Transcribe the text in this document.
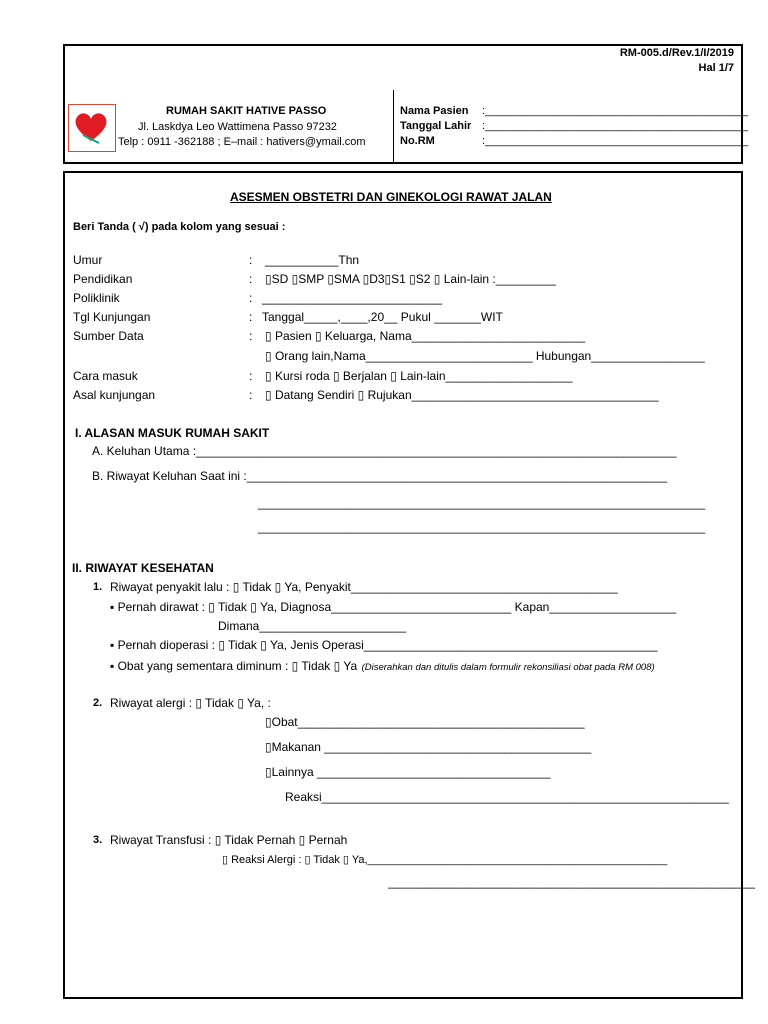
RM-005.d/Rev.1/I/2019
Hal 1/7
RUMAH SAKIT HATIVE PASSO
Jl. Laskdya Leo Wattimena Passo 97232
Telp : 0911 -362188 ; E–mail : hativers@ymail.com
Nama Pasien :___________________________________________
Tanggal Lahir :___________________________________________
No.RM	:___________________________________________
ASESMEN OBSTETRI DAN GINEKOLOGI RAWAT JALAN
Beri Tanda ( √) pada kolom yang sesuai :
Umur	: ___________Thn
Pendidikan	: ▯SD ▯SMP ▯SMA ▯D3▯S1 ▯S2 ▯ Lain-lain :_________
Poliklinik	: ___________________________
Tgl Kunjungan	: Tanggal_____,____,20__ Pukul _______WIT
Sumber Data	: ▯ Pasien ▯ Keluarga, Nama__________________________
▯ Orang lain,Nama_________________________ Hubungan_________________
Cara masuk	: ▯ Kursi roda ▯ Berjalan ▯ Lain-lain___________________
Asal kunjungan	: ▯ Datang Sendiri ▯ Rujukan_____________________________________
I. ALASAN MASUK RUMAH SAKIT
A. Keluhan Utama :________________________________________________________________________
B. Riwayat Keluhan Saat ini :_______________________________________________________________
___________________________________________________________________
___________________________________________________________________
II. RIWAYAT KESEHATAN
1. Riwayat penyakit lalu : ▯ Tidak ▯ Ya, Penyakit________________________________________
▪ Pernah dirawat : ▯ Tidak ▯ Ya, Diagnosa___________________________ Kapan___________________
Dimana______________________
▪ Pernah dioperasi : ▯ Tidak ▯ Ya, Jenis Operasi____________________________________________
▪ Obat yang sementara diminum : ▯ Tidak ▯ Ya (Diserahkan dan ditulis dalam formulir rekonsiliasi obat pada RM 008)
2. Riwayat alergi : ▯ Tidak ▯ Ya, :
▯Obat___________________________________________
▯Makanan ________________________________________
▯Lainnya ___________________________________
Reaksi_____________________________________________________________
3. Riwayat Transfusi : ▯ Tidak Pernah ▯ Pernah
▯ Reaksi Alergi : ▯ Tidak ▯ Ya,_________________________________________________
_______________________________________________________
